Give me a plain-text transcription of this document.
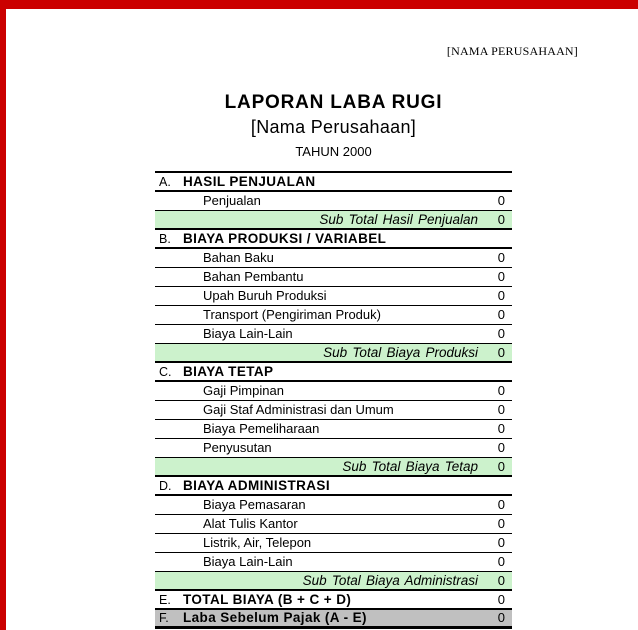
[NAMA PERUSAHAAN]
LAPORAN LABA RUGI
[Nama Perusahaan]
TAHUN 2000
A. HASIL PENJUALAN
Penjualan	0
Sub Total Hasil Penjualan	0
B. BIAYA PRODUKSI / VARIABEL
Bahan Baku	0
Bahan Pembantu	0
Upah Buruh Produksi	0
Transport (Pengiriman Produk)	0
Biaya Lain-Lain	0
Sub Total Biaya Produksi	0
C. BIAYA TETAP
Gaji Pimpinan	0
Gaji Staf Administrasi dan Umum	0
Biaya Pemeliharaan	0
Penyusutan	0
Sub Total Biaya Tetap	0
D. BIAYA ADMINISTRASI
Biaya Pemasaran	0
Alat Tulis Kantor	0
Listrik, Air, Telepon	0
Biaya Lain-Lain	0
Sub Total Biaya Administrasi	0
E. TOTAL BIAYA (B + C + D)	0
F.	Laba Sebelum Pajak (A - E)	0
